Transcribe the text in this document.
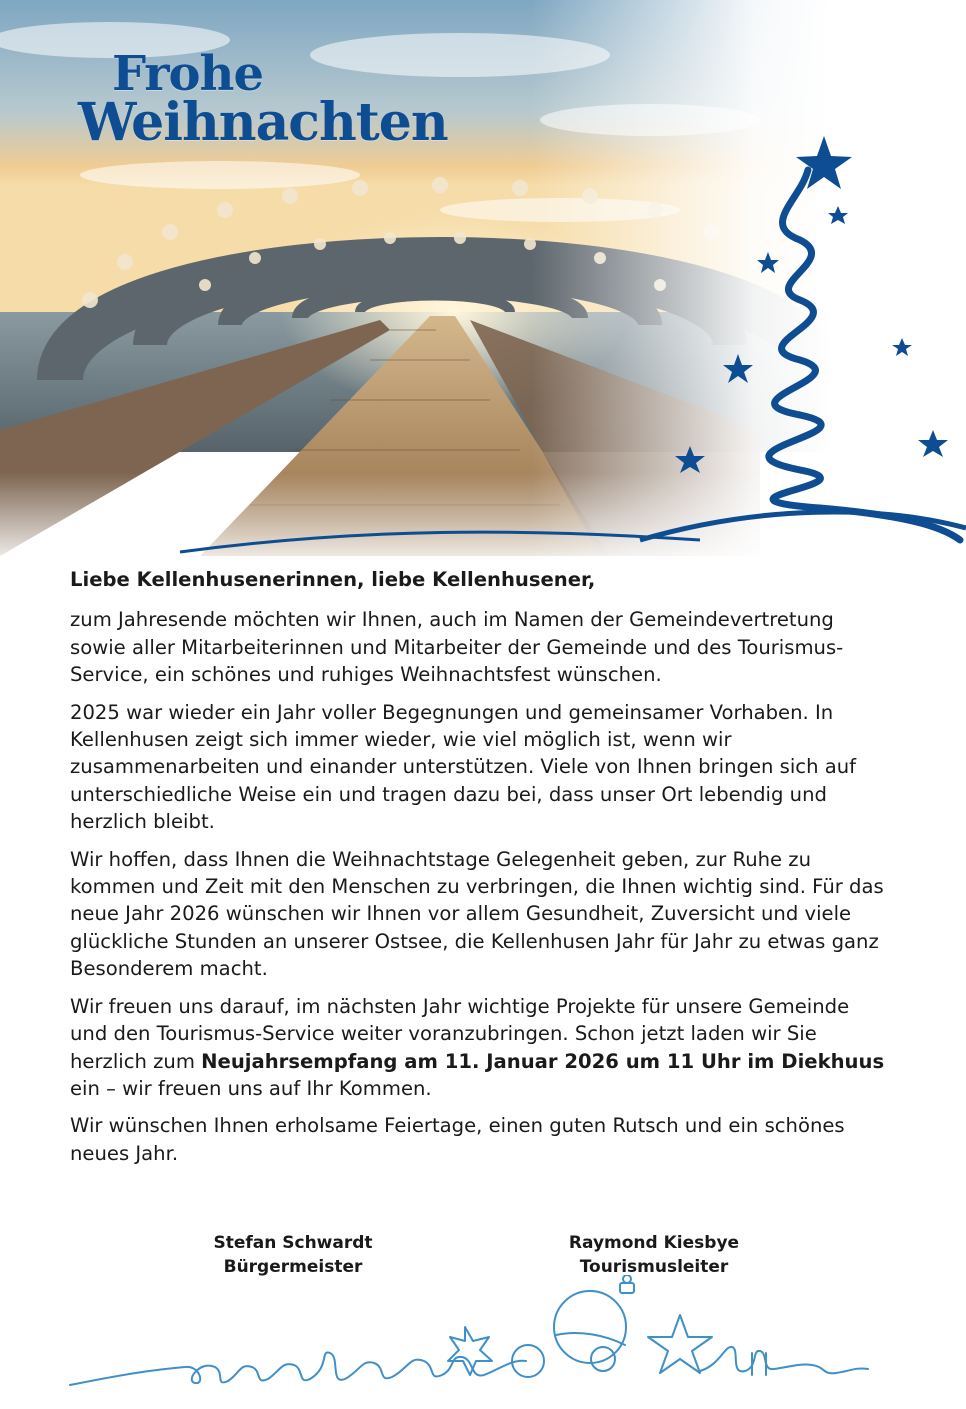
Frohe
Weihnachten

Liebe Kellenhusenerinnen, liebe Kellenhusener,

zum Jahresende möchten wir Ihnen, auch im Namen der Gemeindevertretung sowie aller Mitarbeiterinnen und Mitarbeiter der Gemeinde und des Tourismus-Service, ein schönes und ruhiges Weihnachtsfest wünschen.

2025 war wieder ein Jahr voller Begegnungen und gemeinsamer Vorhaben. In Kellenhusen zeigt sich immer wieder, wie viel möglich ist, wenn wir zusammenarbeiten und einander unterstützen. Viele von Ihnen bringen sich auf unterschiedliche Weise ein und tragen dazu bei, dass unser Ort lebendig und herzlich bleibt.

Wir hoffen, dass Ihnen die Weihnachtstage Gelegenheit geben, zur Ruhe zu kommen und Zeit mit den Menschen zu verbringen, die Ihnen wichtig sind. Für das neue Jahr 2026 wünschen wir Ihnen vor allem Gesundheit, Zuversicht und viele glückliche Stunden an unserer Ostsee, die Kellenhusen Jahr für Jahr zu etwas ganz Besonderem macht.

Wir freuen uns darauf, im nächsten Jahr wichtige Projekte für unsere Gemeinde und den Tourismus-Service weiter voranzubringen. Schon jetzt laden wir Sie herzlich zum Neujahrsempfang am 11. Januar 2026 um 11 Uhr im Diekhuus ein – wir freuen uns auf Ihr Kommen.

Wir wünschen Ihnen erholsame Feiertage, einen guten Rutsch und ein schönes neues Jahr.

Stefan Schwardt
Bürgermeister
Raymond Kiesbye
Tourismusleiter
